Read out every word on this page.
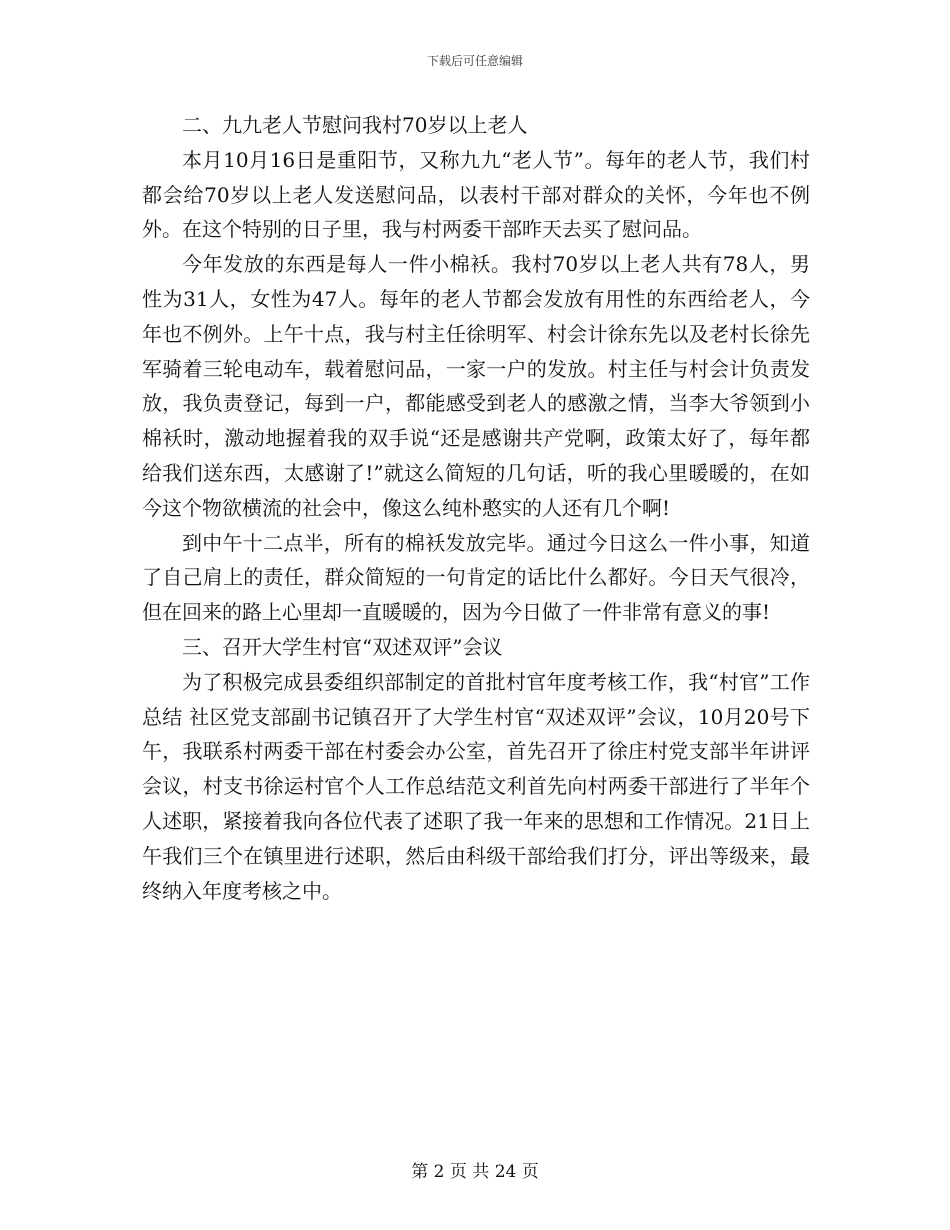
下载后可任意编辑

二、九九老人节慰问我村70岁以上老人

本月10月16日是重阳节，又称九九“老人节”。每年的老人节，我们村都会给70岁以上老人发送慰问品，以表村干部对群众的关怀，今年也不例外。在这个特别的日子里，我与村两委干部昨天去买了慰问品。

今年发放的东西是每人一件小棉袄。我村70岁以上老人共有78人，男性为31人，女性为47人。每年的老人节都会发放有用性的东西给老人，今年也不例外。上午十点，我与村主任徐明军、村会计徐东先以及老村长徐先军骑着三轮电动车，载着慰问品，一家一户的发放。村主任与村会计负责发放，我负责登记，每到一户，都能感受到老人的感激之情，当李大爷领到小棉袄时，激动地握着我的双手说“还是感谢共产党啊，政策太好了，每年都给我们送东西，太感谢了!”就这么简短的几句话，听的我心里暖暖的，在如今这个物欲横流的社会中，像这么纯朴憨实的人还有几个啊!

到中午十二点半，所有的棉袄发放完毕。通过今日这么一件小事，知道了自己肩上的责任，群众简短的一句肯定的话比什么都好。今日天气很冷，但在回来的路上心里却一直暖暖的，因为今日做了一件非常有意义的事!

三、召开大学生村官“双述双评”会议

为了积极完成县委组织部制定的首批村官年度考核工作，我“村官”工作总结 社区党支部副书记镇召开了大学生村官“双述双评”会议，10月20号下午，我联系村两委干部在村委会办公室，首先召开了徐庄村党支部半年讲评会议，村支书徐运村官个人工作总结范文利首先向村两委干部进行了半年个人述职，紧接着我向各位代表了述职了我一年来的思想和工作情况。21日上午我们三个在镇里进行述职，然后由科级干部给我们打分，评出等级来，最终纳入年度考核之中。

第 2 页 共 24 页
